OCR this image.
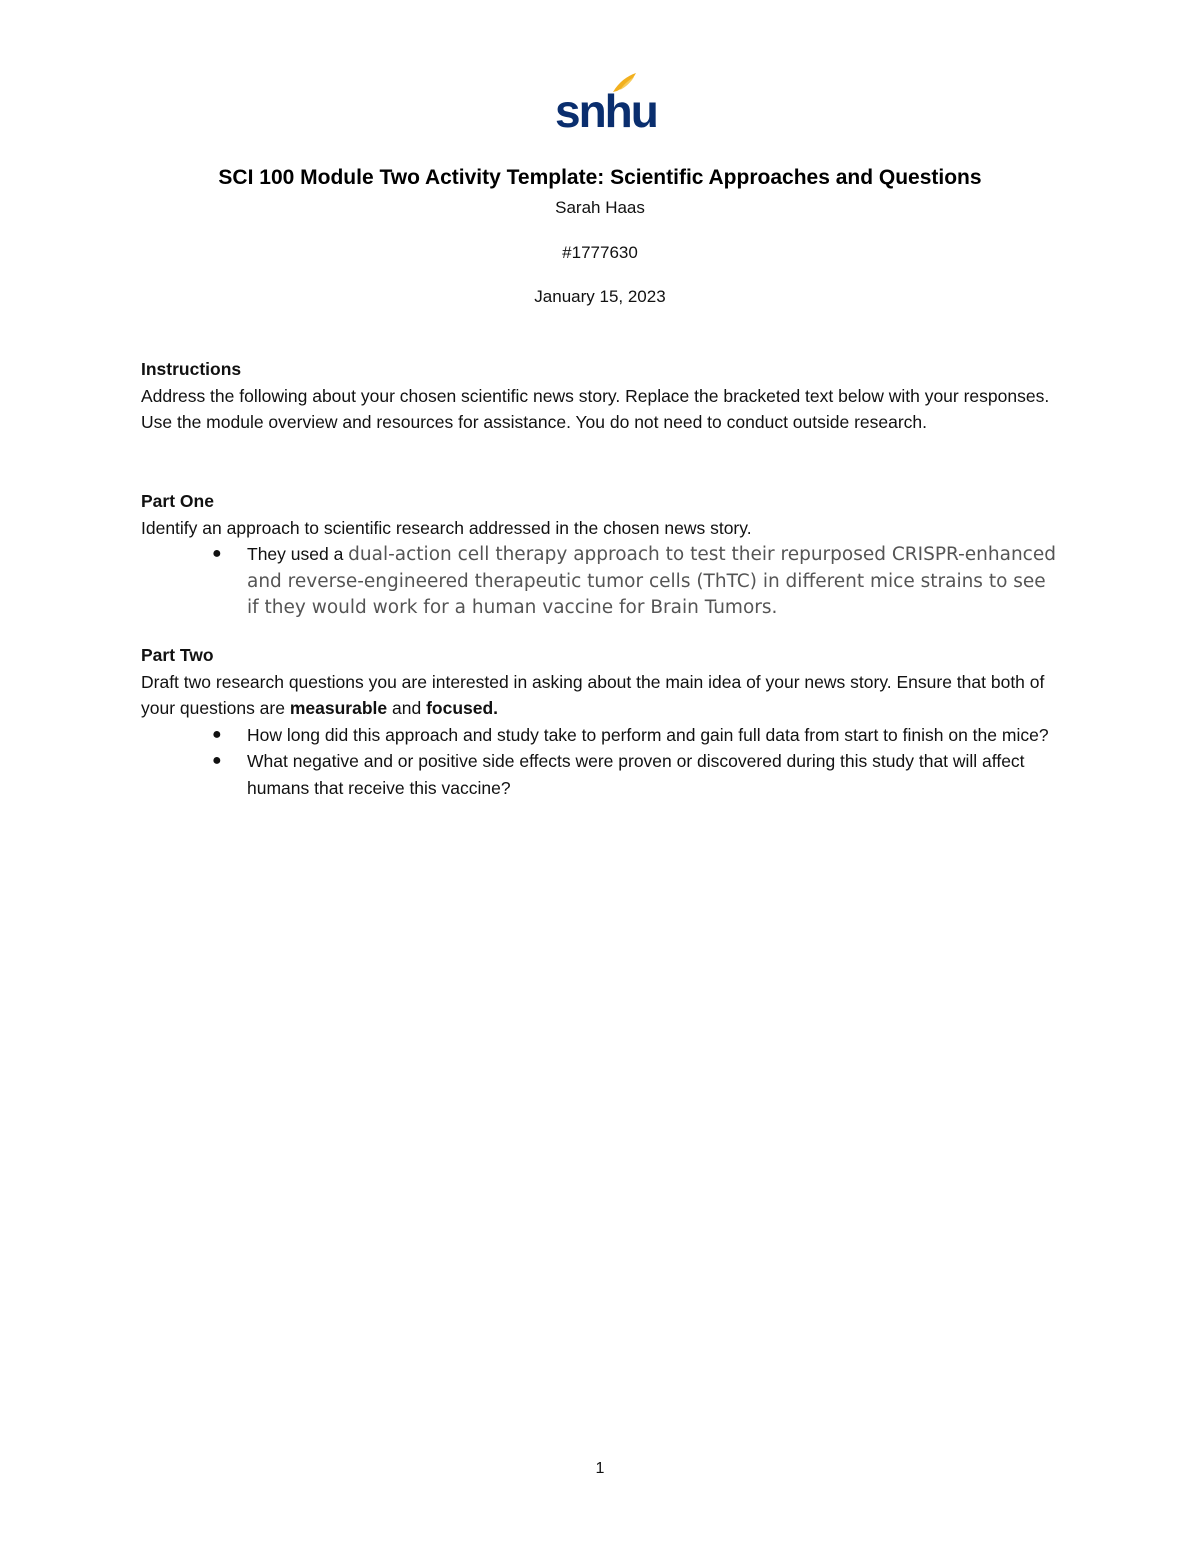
snhu
SCI 100 Module Two Activity Template: Scientific Approaches and Questions
Sarah Haas
#1777630
January 15, 2023
Instructions
Address the following about your chosen scientific news story. Replace the bracketed text below with your responses. Use the module overview and resources for assistance. You do not need to conduct outside research.
Part One
Identify an approach to scientific research addressed in the chosen news story.
● They used a dual-action cell therapy approach to test their repurposed CRISPR-enhanced and reverse-engineered therapeutic tumor cells (ThTC) in different mice strains to see if they would work for a human vaccine for Brain Tumors.
Part Two
Draft two research questions you are interested in asking about the main idea of your news story. Ensure that both of your questions are measurable and focused.
● How long did this approach and study take to perform and gain full data from start to finish on the mice?
● What negative and or positive side effects were proven or discovered during this study that will affect humans that receive this vaccine?
1
